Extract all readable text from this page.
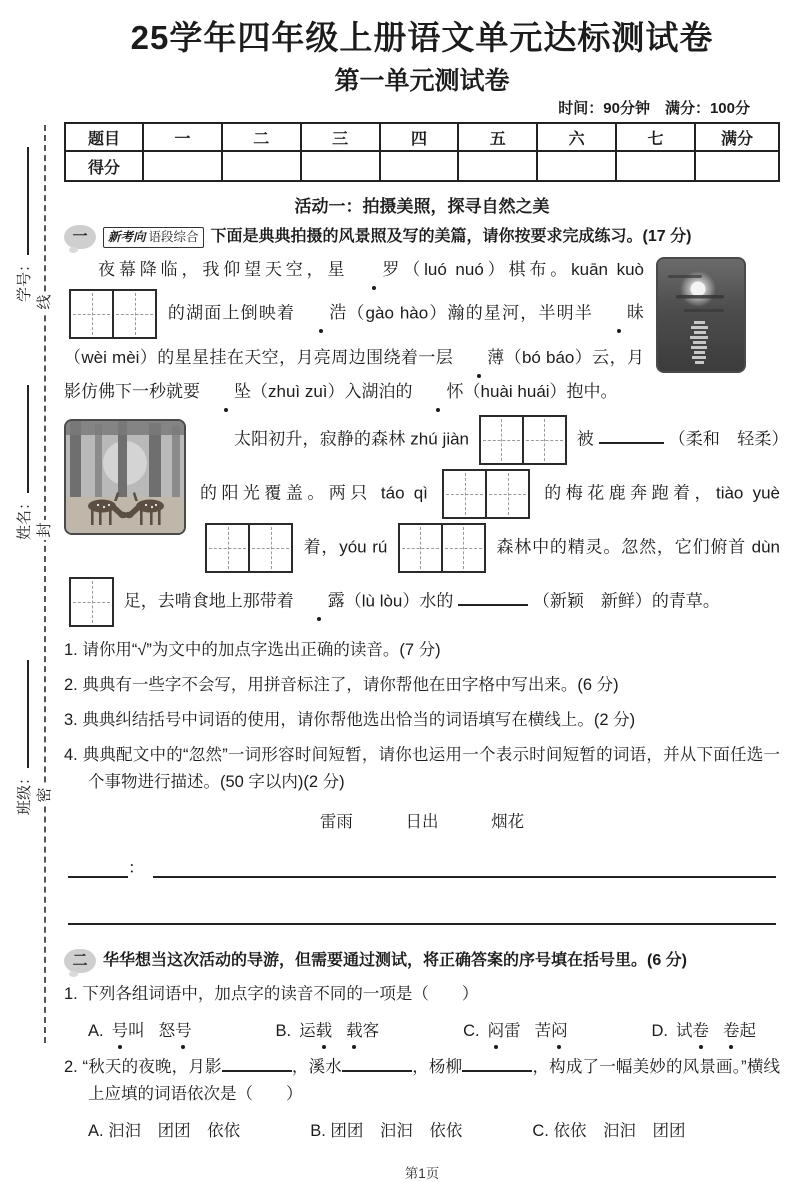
学号：
姓名：
班级：
线
封
密
25学年四年级上册语文单元达标测试卷
第一单元测试卷
时间：90分钟　满分：100分
题目	一	二	三	四	五	六	七	满分
得分								
活动一：拍摄美照，探寻自然之美
一	新考向 语段综合 下面是典典拍摄的风景照及写的美篇，请你按要求完成练习。(17 分)
夜幕降临，我仰望天空，星 罗（luó nuó）棋布。kuān kuò
的湖面上倒映着 浩（gào hào）瀚的星河，半明半 昧（wèi mèi）的星星挂在天空，月亮周边围绕着一层 薄（bó báo）云，月影仿佛下一秒就要 坠（zhuì zuì）入湖泊的 怀（huài huái）抱中。
太阳初升，寂静的森林 zhú jiàn	被	（柔和　轻柔）的阳光覆盖。两只 táo qì	的梅花鹿奔跑着，tiào yuè
着，yóu rú	森林中的精灵。忽然，它们俯首 dùn
足，去啃食地上那带着 露（lù lòu）水的	（新颖　新鲜）的青草。
1. 请你用“√”为文中的加点字选出正确的读音。(7 分)
2. 典典有一些字不会写，用拼音标注了，请你帮他在田字格中写出来。(6 分)
3. 典典纠结括号中词语的使用，请你帮他选出恰当的词语填写在横线上。(2 分)
4. 典典配文中的“忽然”一词形容时间短暂，请你也运用一个表示时间短暂的词语，并从下面任选一个事物进行描述。(50 字以内)(2 分)
雷雨	日出	烟花
：
二 华华想当这次活动的导游，但需要通过测试，将正确答案的序号填在括号里。(6 分)
1. 下列各组词语中，加点字的读音不同的一项是（　　）
A. 号叫 怒号	B. 运载 载客	C. 闷雷 苦闷	D. 试卷 卷起
2. “秋天的夜晚，月影	，溪水	，杨柳	，构成了一幅美妙的风景画。”横线上应填的词语依次是（　　）
A. 汩汩　团团　依依	B. 团团　汩汩　依依	C. 依依　汩汩　团团
第1页
